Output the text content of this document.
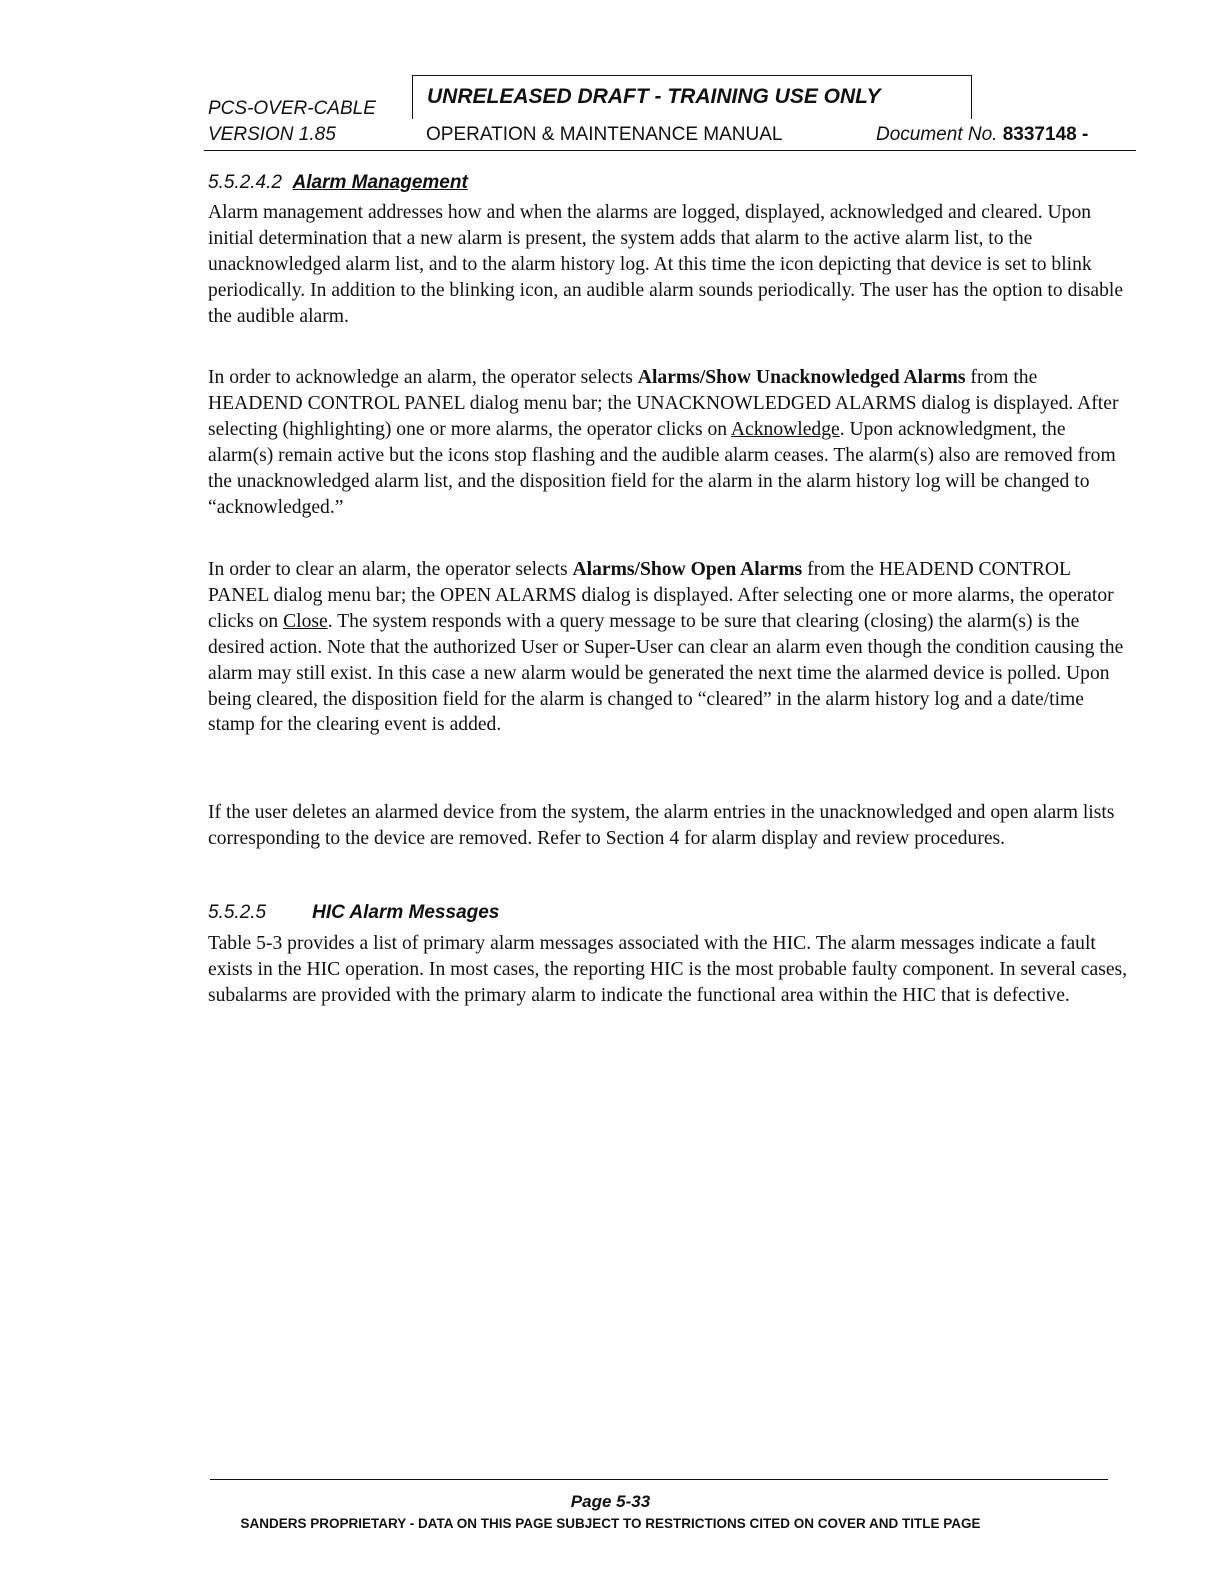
PCS-OVER-CABLE
VERSION 1.85
UNRELEASED DRAFT - TRAINING USE ONLY
OPERATION & MAINTENANCE MANUAL	Document No. 8337148 -
5.5.2.4.2 Alarm Management
Alarm management addresses how and when the alarms are logged, displayed, acknowledged and cleared. Upon initial determination that a new alarm is present, the system adds that alarm to the active alarm list, to the unacknowledged alarm list, and to the alarm history log. At this time the icon depicting that device is set to blink periodically. In addition to the blinking icon, an audible alarm sounds periodically. The user has the option to disable the audible alarm.
In order to acknowledge an alarm, the operator selects Alarms/Show Unacknowledged Alarms from the HEADEND CONTROL PANEL dialog menu bar; the UNACKNOWLEDGED ALARMS dialog is displayed. After selecting (highlighting) one or more alarms, the operator clicks on Acknowledge. Upon acknowledgment, the alarm(s) remain active but the icons stop flashing and the audible alarm ceases. The alarm(s) also are removed from the unacknowledged alarm list, and the disposition field for the alarm in the alarm history log will be changed to “acknowledged.”
In order to clear an alarm, the operator selects Alarms/Show Open Alarms from the HEADEND CONTROL PANEL dialog menu bar; the OPEN ALARMS dialog is displayed. After selecting one or more alarms, the operator clicks on Close. The system responds with a query message to be sure that clearing (closing) the alarm(s) is the desired action. Note that the authorized User or Super-User can clear an alarm even though the condition causing the alarm may still exist. In this case a new alarm would be generated the next time the alarmed device is polled. Upon being cleared, the disposition field for the alarm is changed to “cleared” in the alarm history log and a date/time stamp for the clearing event is added.
If the user deletes an alarmed device from the system, the alarm entries in the unacknowledged and open alarm lists corresponding to the device are removed. Refer to Section 4 for alarm display and review procedures.
5.5.2.5 HIC Alarm Messages
Table 5-3 provides a list of primary alarm messages associated with the HIC. The alarm messages indicate a fault exists in the HIC operation. In most cases, the reporting HIC is the most probable faulty component. In several cases, subalarms are provided with the primary alarm to indicate the functional area within the HIC that is defective.
Page 5-33
SANDERS PROPRIETARY - DATA ON THIS PAGE SUBJECT TO RESTRICTIONS CITED ON COVER AND TITLE PAGE
